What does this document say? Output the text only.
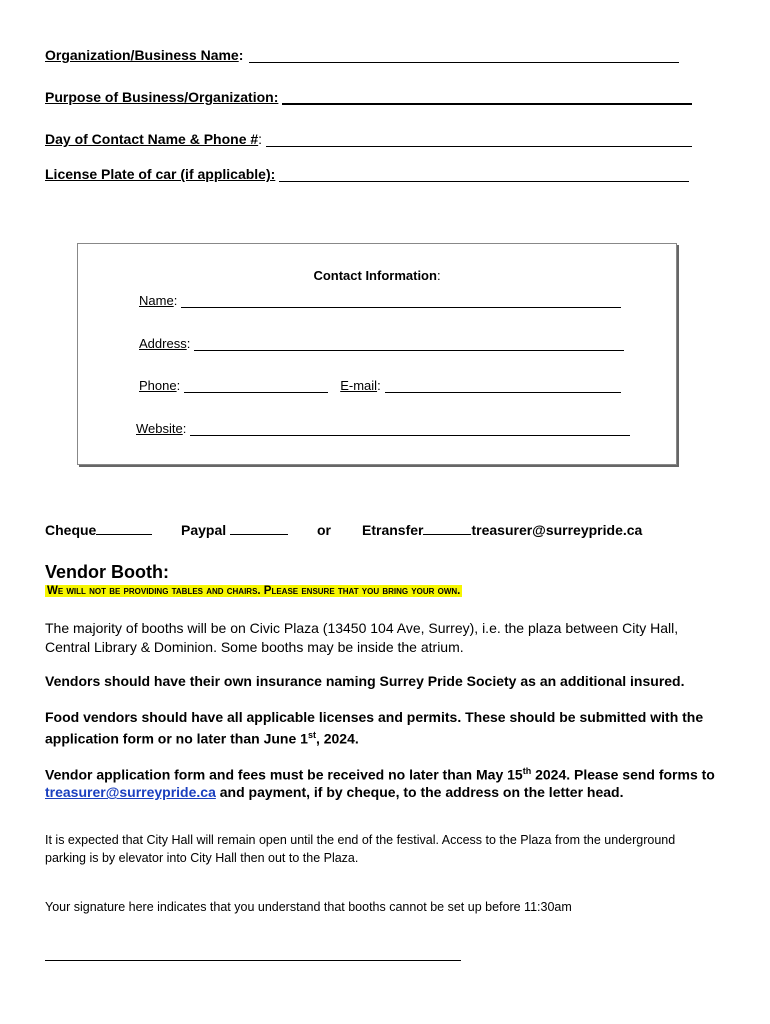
Organization/Business Name :
Purpose of Business/Organization:
Day of Contact Name & Phone # :
License Plate of car (if applicable):
Contact Information:
Name :
Address :
Phone :	E-mail :
Website :
Cheque	Paypal	or Etransfer	treasurer@surreypride.ca
Vendor Booth:
We will not be providing tables and chairs. Please ensure that you bring your own.
The majority of booths will be on Civic Plaza (13450 104 Ave, Surrey), i.e. the plaza between City Hall, Central Library & Dominion. Some booths may be inside the atrium.
Vendors should have their own insurance naming Surrey Pride Society as an additional insured.
Food vendors should have all applicable licenses and permits. These should be submitted with the application form or no later than June 1st, 2024.
Vendor application form and fees must be received no later than May 15th 2024. Please send forms to treasurer@surreypride.ca and payment, if by cheque, to the address on the letter head.
It is expected that City Hall will remain open until the end of the festival. Access to the Plaza from the underground parking is by elevator into City Hall then out to the Plaza.
Your signature here indicates that you understand that booths cannot be set up before 11:30am
